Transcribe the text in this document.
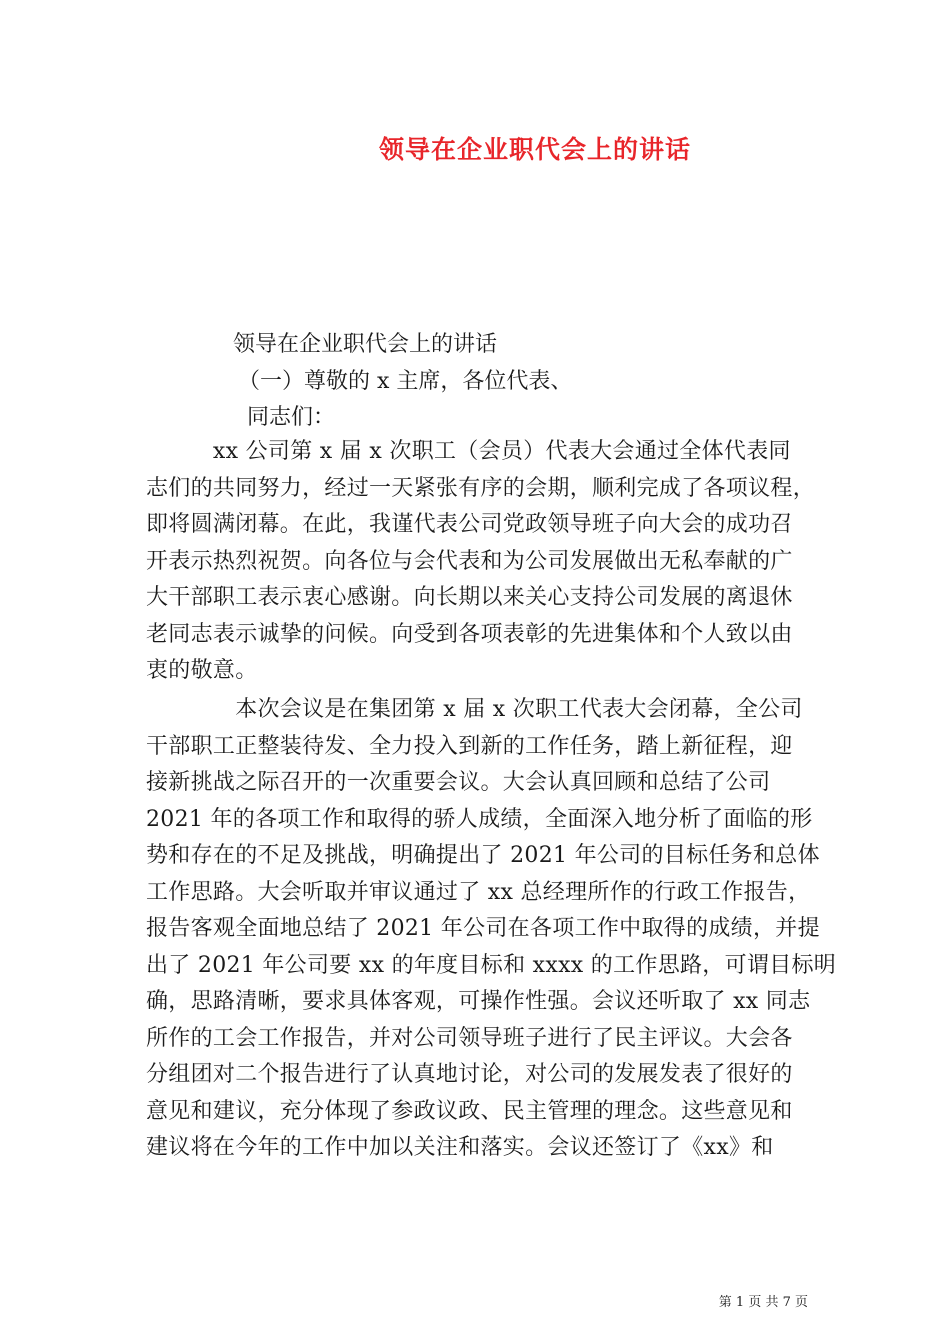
领导在企业职代会上的讲话
领导在企业职代会上的讲话
（一）尊敬的 x 主席，各位代表、
同志们：
　　　xx 公司第 x 届 x 次职工（会员）代表大会通过全体代表同
志们的共同努力，经过一天紧张有序的会期，顺利完成了各项议程，
即将圆满闭幕。在此，我谨代表公司党政领导班子向大会的成功召
开表示热烈祝贺。向各位与会代表和为公司发展做出无私奉献的广
大干部职工表示衷心感谢。向长期以来关心支持公司发展的离退休
老同志表示诚挚的问候。向受到各项表彰的先进集体和个人致以由
衷的敬意。
　　　　本次会议是在集团第 x 届 x 次职工代表大会闭幕，全公司
干部职工正整装待发、全力投入到新的工作任务，踏上新征程，迎
接新挑战之际召开的一次重要会议。大会认真回顾和总结了公司
2021 年的各项工作和取得的骄人成绩，全面深入地分析了面临的形
势和存在的不足及挑战，明确提出了 2021 年公司的目标任务和总体
工作思路。大会听取并审议通过了 xx 总经理所作的行政工作报告，
报告客观全面地总结了 2021 年公司在各项工作中取得的成绩，并提
出了 2021 年公司要 xx 的年度目标和 xxxx 的工作思路，可谓目标明
确，思路清晰，要求具体客观，可操作性强。会议还听取了 xx 同志
所作的工会工作报告，并对公司领导班子进行了民主评议。大会各
分组团对二个报告进行了认真地讨论，对公司的发展发表了很好的
意见和建议，充分体现了参政议政、民主管理的理念。这些意见和
建议将在今年的工作中加以关注和落实。会议还签订了《xx》和
第 1 页 共 7 页
